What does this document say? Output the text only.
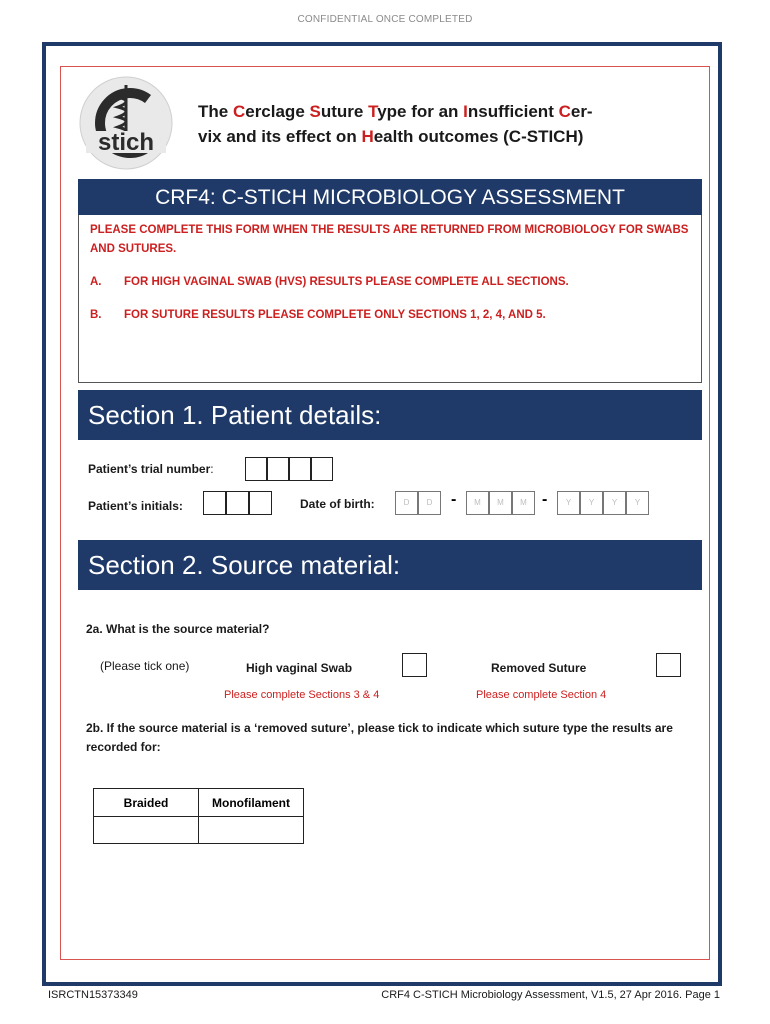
CONFIDENTIAL ONCE COMPLETED
stich
The Cerclage Suture Type for an Insufficient Cer-
vix and its effect on Health outcomes (C-STICH)
CRF4: C-STICH MICROBIOLOGY ASSESSMENT
PLEASE COMPLETE THIS FORM WHEN THE RESULTS ARE RETURNED FROM MICROBIOLOGY FOR SWABS AND SUTURES.
A. FOR HIGH VAGINAL SWAB (HVS) RESULTS PLEASE COMPLETE ALL SECTIONS.
B. FOR SUTURE RESULTS PLEASE COMPLETE ONLY SECTIONS 1, 2, 4, AND 5.
Section 1. Patient details:
Patient’s trial number:
Patient’s initials:	Date of birth:	D	D	-	M	M	M -	Y	Y	Y	Y
Section 2. Source material:
2a. What is the source material?
(Please tick one)	High vaginal Swab	Removed Suture
Please complete Sections 3 & 4	Please complete Section 4
2b. If the source material is a ‘removed suture’, please tick to indicate which suture type the results are recorded for:
Braided	Monofilament

ISRCTN15373349	CRF4 C-STICH Microbiology Assessment, V1.5, 27 Apr 2016. Page 1
